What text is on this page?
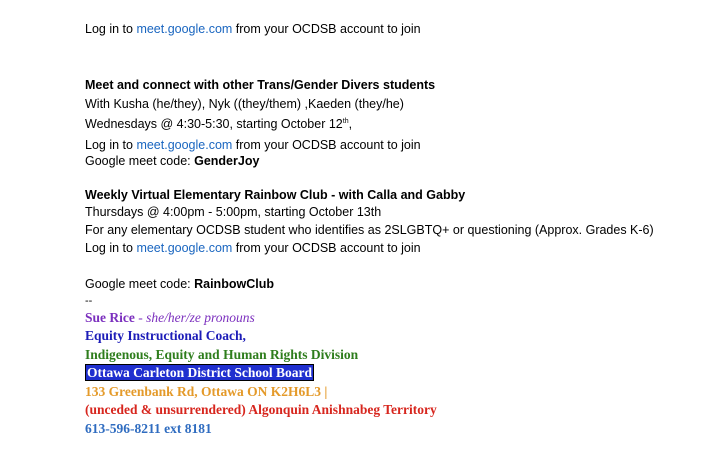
Log in to meet.google.com from your OCDSB account to join
Meet and connect with other Trans/Gender Divers students
With Kusha (he/they), Nyk ((they/them) ,Kaeden (they/he)
Wednesdays @ 4:30-5:30, starting October 12th,
Log in to meet.google.com from your OCDSB account to join
Google meet code: GenderJoy
Weekly Virtual Elementary Rainbow Club - with Calla and Gabby
Thursdays @ 4:00pm - 5:00pm, starting October 13th
For any elementary OCDSB student who identifies as 2SLGBTQ+ or questioning (Approx. Grades K-6)
Log in to meet.google.com from your OCDSB account to join
Google meet code: RainbowClub
--
Sue Rice - she/her/ze pronouns
Equity Instructional Coach,
Indigenous, Equity and Human Rights Division
Ottawa Carleton District School Board
133 Greenbank Rd, Ottawa ON K2H6L3 |
(unceded & unsurrendered) Algonquin Anishnabeg Territory
613-596-8211 ext 8181
